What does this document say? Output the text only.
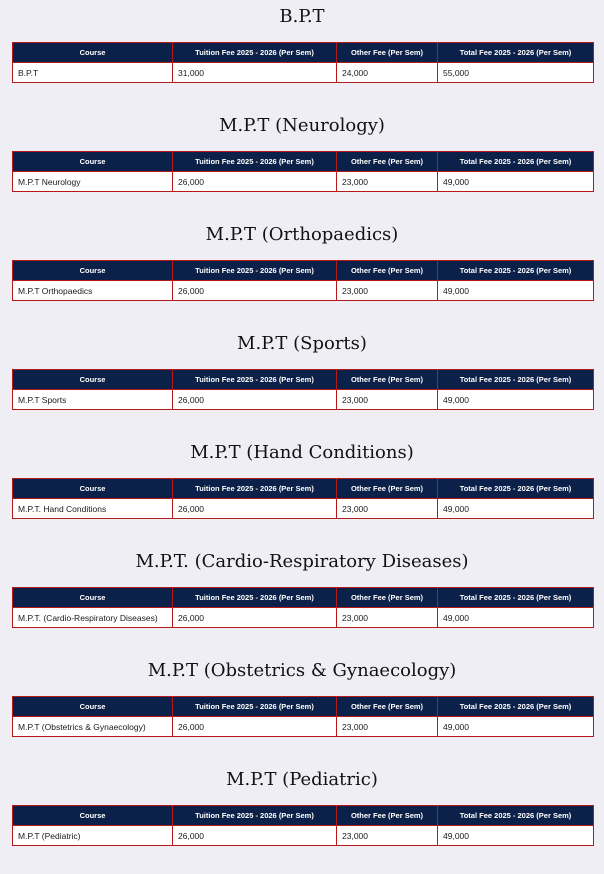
B.P.T
Course	Tuition Fee 2025 - 2026 (Per Sem)	Other Fee (Per Sem)	Total Fee 2025 - 2026 (Per Sem)
B.P.T	31,000	24,000	55,000
M.P.T (Neurology)
Course	Tuition Fee 2025 - 2026 (Per Sem)	Other Fee (Per Sem)	Total Fee 2025 - 2026 (Per Sem)
M.P.T Neurology	26,000	23,000	49,000
M.P.T (Orthopaedics)
Course	Tuition Fee 2025 - 2026 (Per Sem)	Other Fee (Per Sem)	Total Fee 2025 - 2026 (Per Sem)
M.P.T Orthopaedics	26,000	23,000	49,000
M.P.T (Sports)
Course	Tuition Fee 2025 - 2026 (Per Sem)	Other Fee (Per Sem)	Total Fee 2025 - 2026 (Per Sem)
M.P.T Sports	26,000	23,000	49,000
M.P.T (Hand Conditions)
Course	Tuition Fee 2025 - 2026 (Per Sem)	Other Fee (Per Sem)	Total Fee 2025 - 2026 (Per Sem)
M.P.T. Hand Conditions	26,000	23,000	49,000
M.P.T. (Cardio-Respiratory Diseases)
Course	Tuition Fee 2025 - 2026 (Per Sem)	Other Fee (Per Sem)	Total Fee 2025 - 2026 (Per Sem)
M.P.T. (Cardio-Respiratory Diseases)	26,000	23,000	49,000
M.P.T (Obstetrics & Gynaecology)
Course	Tuition Fee 2025 - 2026 (Per Sem)	Other Fee (Per Sem)	Total Fee 2025 - 2026 (Per Sem)
M.P.T (Obstetrics & Gynaecology)	26,000	23,000	49,000
M.P.T (Pediatric)
Course	Tuition Fee 2025 - 2026 (Per Sem)	Other Fee (Per Sem)	Total Fee 2025 - 2026 (Per Sem)
M.P.T (Pediatric)	26,000	23,000	49,000
